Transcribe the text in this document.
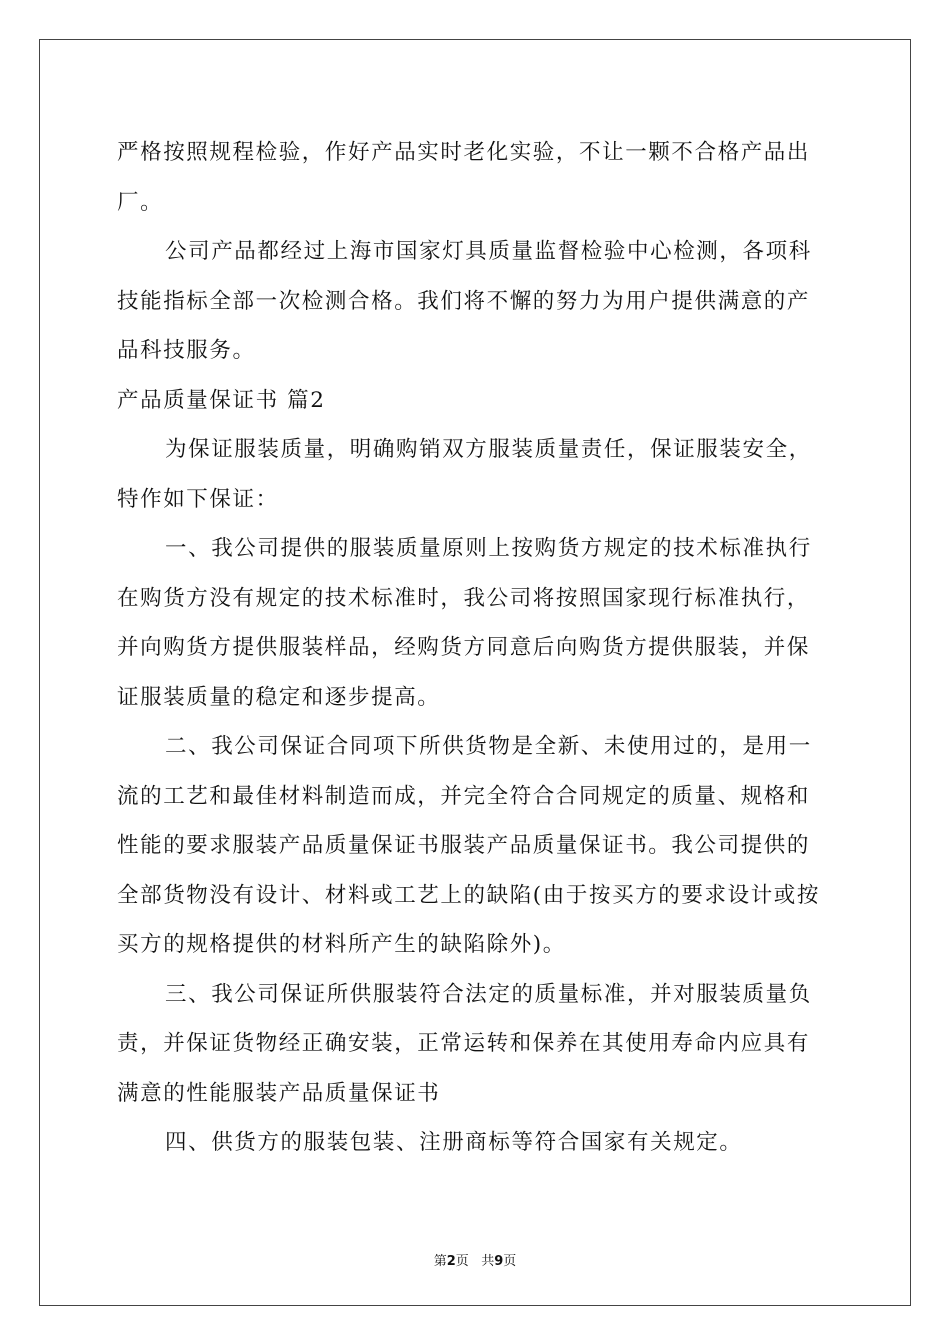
严格按照规程检验，作好产品实时老化实验，不让一颗不合格产品出厂。

公司产品都经过上海市国家灯具质量监督检验中心检测，各项科技能指标全部一次检测合格。我们将不懈的努力为用户提供满意的产品科技服务。

产品质量保证书 篇2

为保证服装质量，明确购销双方服装质量责任，保证服装安全，特作如下保证：

一、我公司提供的服装质量原则上按购货方规定的技术标准执行在购货方没有规定的技术标准时，我公司将按照国家现行标准执行，并向购货方提供服装样品，经购货方同意后向购货方提供服装，并保证服装质量的稳定和逐步提高。

二、我公司保证合同项下所供货物是全新、未使用过的，是用一流的工艺和最佳材料制造而成，并完全符合合同规定的质量、规格和性能的要求服装产品质量保证书服装产品质量保证书。我公司提供的全部货物没有设计、材料或工艺上的缺陷(由于按买方的要求设计或按买方的规格提供的材料所产生的缺陷除外)。

三、我公司保证所供服装符合法定的质量标准，并对服装质量负责，并保证货物经正确安装，正常运转和保养在其使用寿命内应具有满意的性能服装产品质量保证书

四、供货方的服装包装、注册商标等符合国家有关规定。

第2页   共9页
